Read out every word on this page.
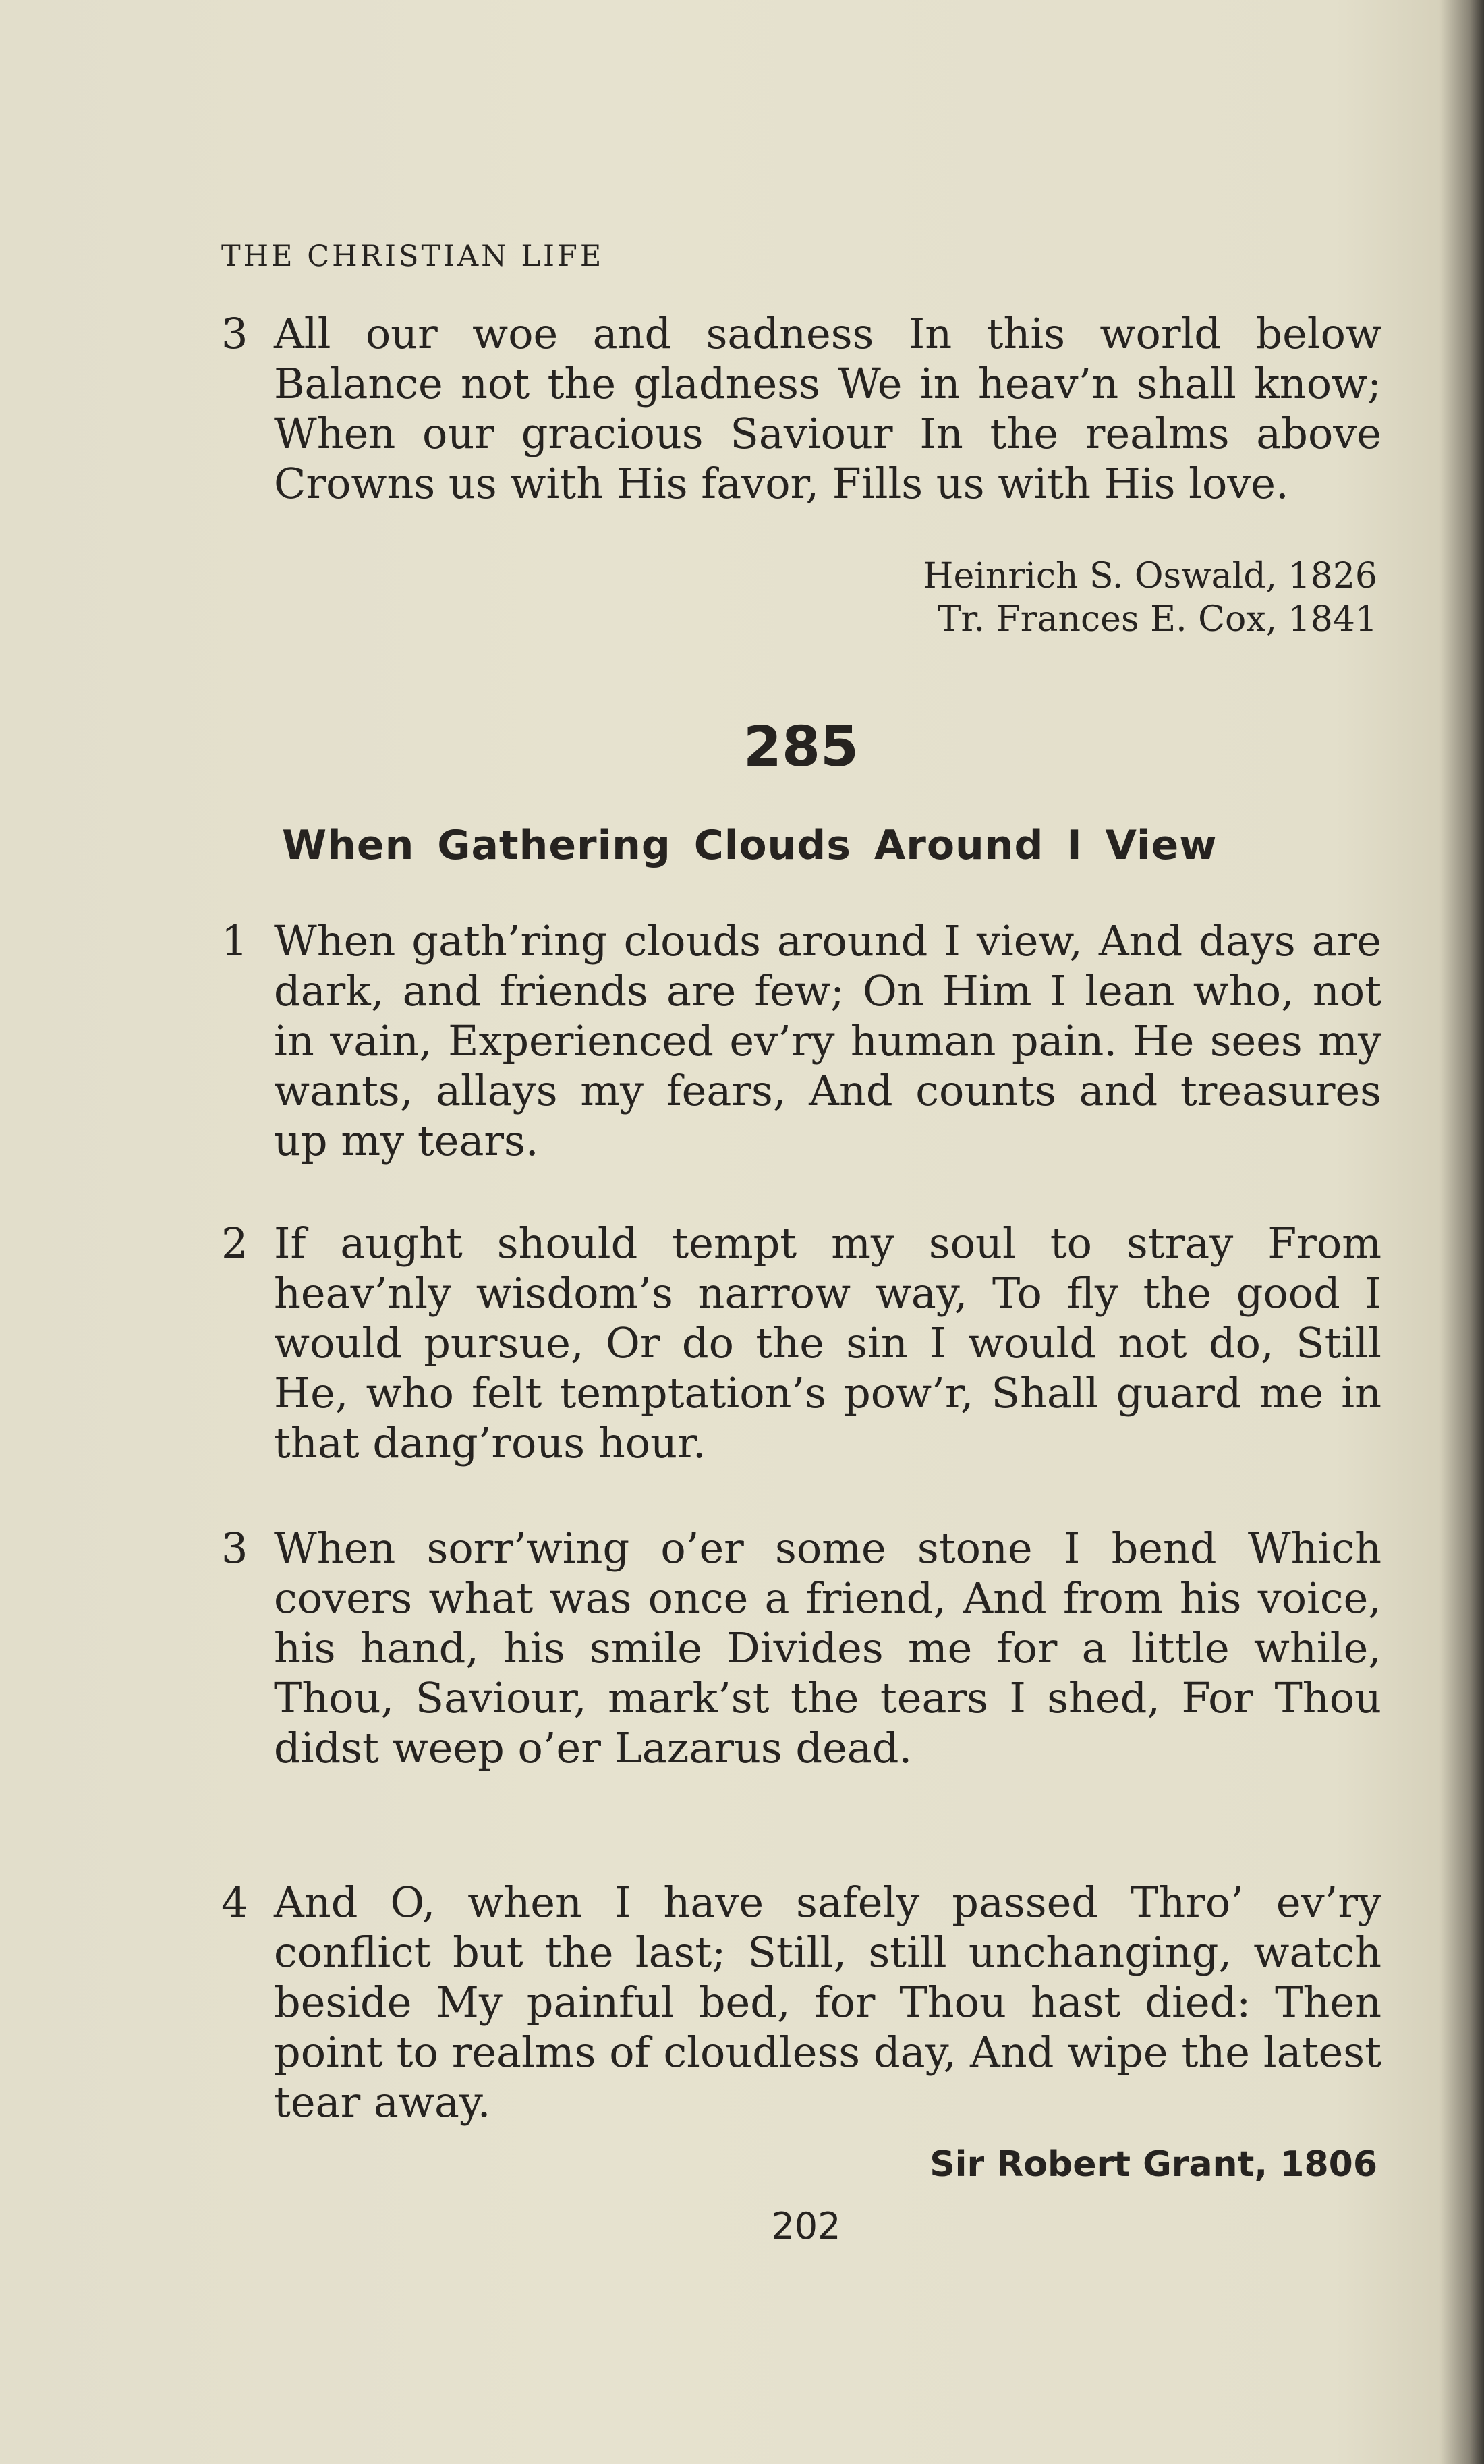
THE CHRISTIAN LIFE
3 All our woe and sadness In this world below Balance not the gladness We in heav’n shall know; When our gracious Saviour In the realms above Crowns us with His favor, Fills us with His love.
Heinrich S. Oswald, 1826
Tr. Frances E. Cox, 1841
285
When Gathering Clouds Around I View
1 When gath’ring clouds around I view, And days are dark, and friends are few; On Him I lean who, not in vain, Experienced ev’ry human pain. He sees my wants, allays my fears, And counts and treasures up my tears.
2 If aught should tempt my soul to stray From heav’nly wisdom’s narrow way, To fly the good I would pursue, Or do the sin I would not do, Still He, who felt temptation’s pow’r, Shall guard me in that dang’rous hour.
3 When sorr’wing o’er some stone I bend Which covers what was once a friend, And from his voice, his hand, his smile Divides me for a little while, Thou, Saviour, mark’st the tears I shed, For Thou didst weep o’er Lazarus dead.
4 And O, when I have safely passed Thro’ ev’ry conflict but the last; Still, still unchanging, watch beside My painful bed, for Thou hast died: Then point to realms of cloudless day, And wipe the latest tear away.
Sir Robert Grant, 1806
202
